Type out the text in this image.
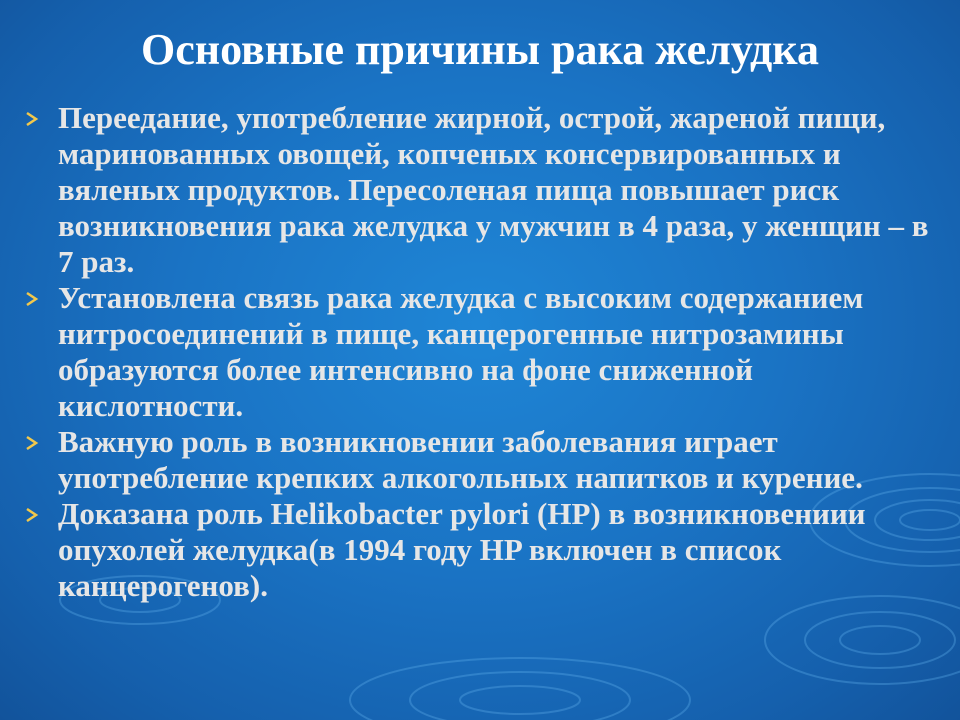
Основные причины рака желудка
Переедание, употребление жирной, острой, жареной пищи, маринованных овощей, копченых консервированных и вяленых продуктов. Пересоленая пища повышает риск возникновения рака желудка у мужчин в 4 раза, у женщин – в 7 раз.
Установлена связь рака желудка с высоким содержанием нитросоединений в пище, канцерогенные нитрозамины образуются более интенсивно на фоне сниженной кислотности.
Важную роль в возникновении заболевания играет употребление крепких алкогольных напитков и курение.
Доказана роль Helikobacter pylori (HP) в возникновениии опухолей желудка(в 1994 году HP включен в список канцерогенов).
